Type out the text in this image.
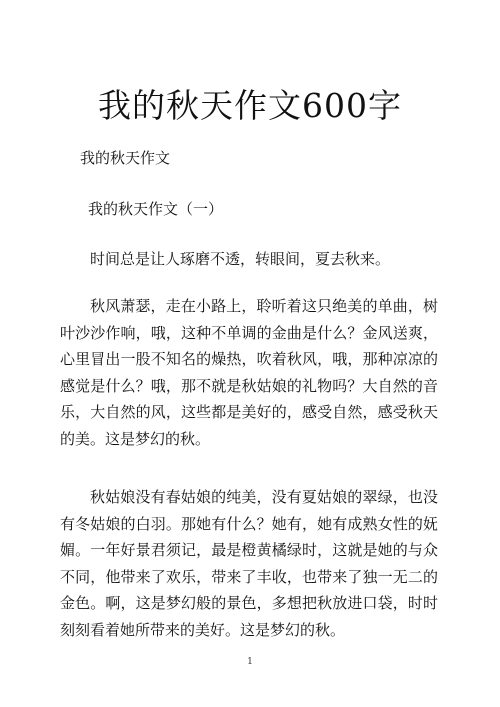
我的秋天作文600字

我的秋天作文

我的秋天作文（一）

时间总是让人琢磨不透，转眼间，夏去秋来。

秋风萧瑟，走在小路上，聆听着这只绝美的单曲，树叶沙沙作响，哦，这种不单调的金曲是什么？金风送爽，心里冒出一股不知名的燥热，吹着秋风，哦，那种凉凉的感觉是什么？哦，那不就是秋姑娘的礼物吗？大自然的音乐，大自然的风，这些都是美好的，感受自然，感受秋天的美。这是梦幻的秋。

秋姑娘没有春姑娘的纯美，没有夏姑娘的翠绿，也没有冬姑娘的白羽。那她有什么？她有，她有成熟女性的妩媚。一年好景君须记，最是橙黄橘绿时，这就是她的与众不同，他带来了欢乐，带来了丰收，也带来了独一无二的金色。啊，这是梦幻般的景色，多想把秋放进口袋，时时刻刻看着她所带来的美好。这是梦幻的秋。

1
